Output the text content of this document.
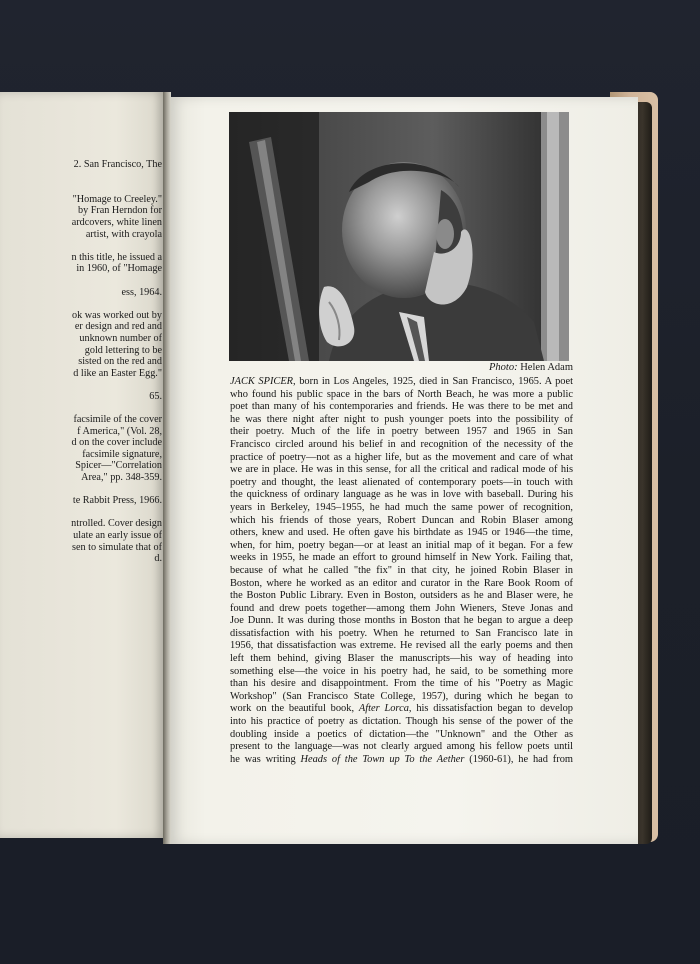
2. San Francisco, The
"Homage to Creeley."
by Fran Herndon for
ardcovers, white linen
artist, with crayola
n this title, he issued a
in 1960, of "Homage
ess, 1964.
ok was worked out by
er design and red and
unknown number of
gold lettering to be
sisted on the red and
d like an Easter Egg."
65.
facsimile of the cover
f America," (Vol. 28,
d on the cover include
facsimile signature,
Spicer—"Correlation
Area," pp. 348-359.
te Rabbit Press, 1966.
ntrolled. Cover design
ulate an early issue of
sen to simulate that of
d.
Photo: Helen Adam
JACK SPICER, born in Los Angeles, 1925, died in San Francisco, 1965. A poet
who found his public space in the bars of North Beach, he was more a public
poet than many of his contemporaries and friends. He was there to be met and
he was there night after night to push younger poets into the possibility of
their poetry. Much of the life in poetry between 1957 and 1965 in San
Francisco circled around his belief in and recognition of the necessity of the
practice of poetry—not as a higher life, but as the movement and care of what
we are in place. He was in this sense, for all the critical and radical mode of his
poetry and thought, the least alienated of contemporary poets—in touch with
the quickness of ordinary language as he was in love with baseball. During his
years in Berkeley, 1945–1955, he had much the same power of recognition,
which his friends of those years, Robert Duncan and Robin Blaser among
others, knew and used. He often gave his birthdate as 1945 or 1946—the time,
when, for him, poetry began—or at least an initial map of it began. For a few
weeks in 1955, he made an effort to ground himself in New York. Failing that,
because of what he called "the fix" in that city, he joined Robin Blaser in
Boston, where he worked as an editor and curator in the Rare Book Room of
the Boston Public Library. Even in Boston, outsiders as he and Blaser were, he
found and drew poets together—among them John Wieners, Steve Jonas and
Joe Dunn. It was during those months in Boston that he began to argue a deep
dissatisfaction with his poetry. When he returned to San Francisco late in
1956, that dissatisfaction was extreme. He revised all the early poems and then
left them behind, giving Blaser the manuscripts—his way of heading into
something else—the voice in his poetry had, he said, to be something more
than his desire and disappointment. From the time of his "Poetry as Magic
Workshop" (San Francisco State College, 1957), during which he began to
work on the beautiful book, After Lorca, his dissatisfaction began to develop
into his practice of poetry as dictation. Though his sense of the power of the
doubling inside a poetics of dictation—the "Unknown" and the Other as
present to the language—was not clearly argued among his fellow poets until
he was writing Heads of the Town up To the Aether (1960-61), he had from
